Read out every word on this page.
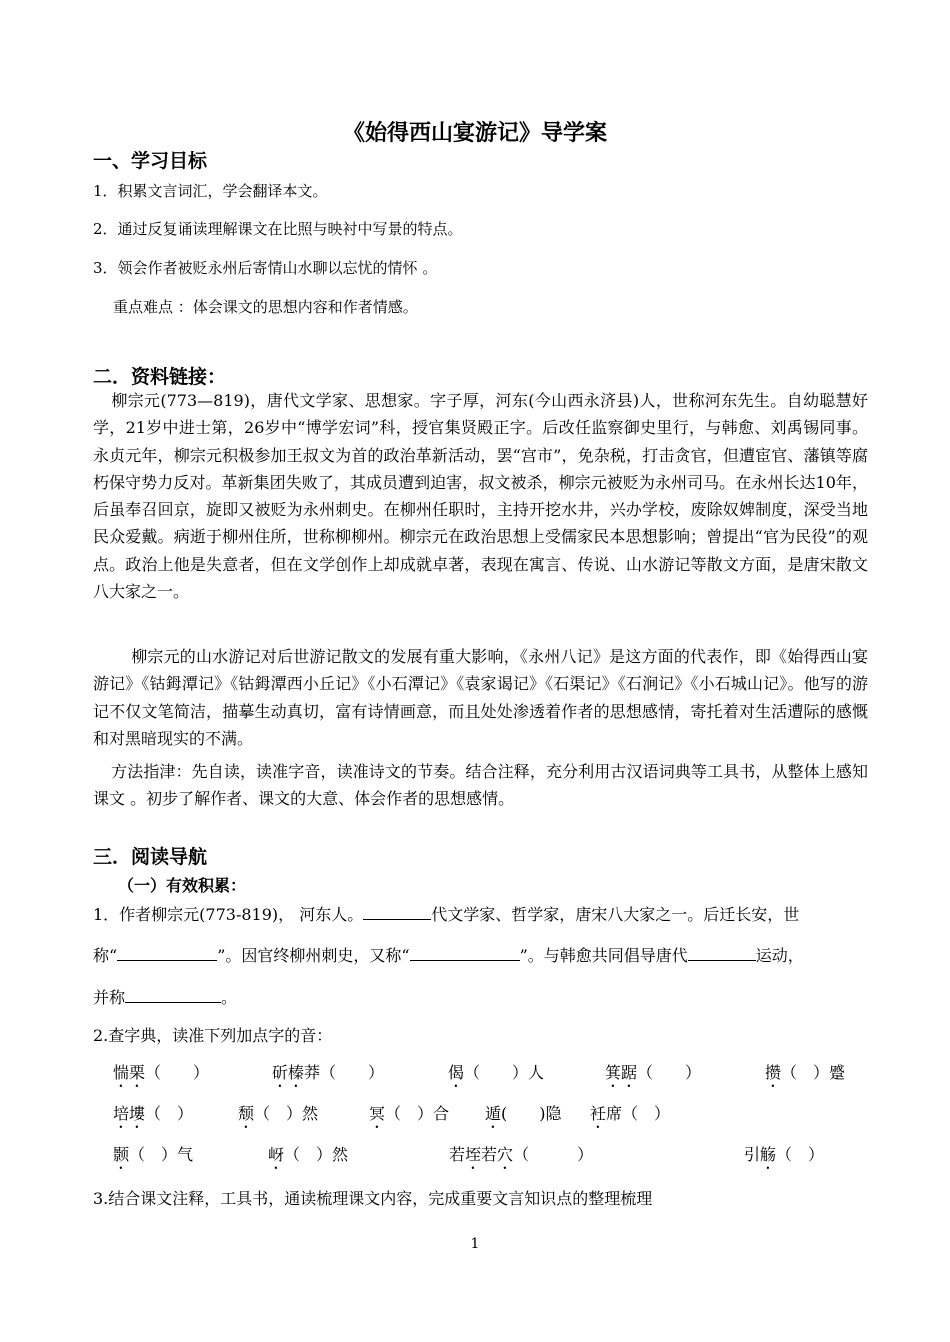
《始得西山宴游记》导学案
一、学习目标
1．积累文言词汇，学会翻译本文。
2．通过反复诵读理解课文在比照与映衬中写景的特点。
3．领会作者被贬永州后寄情山水聊以忘忧的情怀 。
重点难点 ：体会课文的思想内容和作者情感。
二．资料链接：
柳宗元(773—819)，唐代文学家、思想家。字子厚，河东(今山西永济县)人，世称河东先生。自幼聪慧好学，21岁中进士第，26岁中“博学宏词”科，授官集贤殿正字。后改任监察御史里行，与韩愈、刘禹锡同事。永贞元年，柳宗元积极参加王叔文为首的政治革新活动，罢“宫市”，免杂税，打击贪官，但遭宦官、藩镇等腐朽保守势力反对。革新集团失败了，其成员遭到迫害，叔文被杀，柳宗元被贬为永州司马。在永州长达10年，后虽奉召回京，旋即又被贬为永州刺史。在柳州任职时，主持开挖水井，兴办学校，废除奴婢制度，深受当地民众爱戴。病逝于柳州住所，世称柳柳州。柳宗元在政治思想上受儒家民本思想影响；曾提出“官为民役”的观点。政治上他是失意者，但在文学创作上却成就卓著，表现在寓言、传说、山水游记等散文方面，是唐宋散文八大家之一。
柳宗元的山水游记对后世游记散文的发展有重大影响，《永州八记》是这方面的代表作，即《始得西山宴游记》《钴鉧潭记》《钴鉧潭西小丘记》《小石潭记》《袁家谒记》《石渠记》《石涧记》《小石城山记》。他写的游记不仅文笔简洁，描摹生动真切，富有诗情画意，而且处处渗透着作者的思想感情，寄托着对生活遭际的感慨和对黑暗现实的不满。
方法指津：先自读，读准字音，读准诗文的节奏。结合注释，充分利用古汉语词典等工具书，从整体上感知课文 。初步了解作者、课文的大意、体会作者的思想感情。
三．阅读导航
（一）有效积累：
1．作者柳宗元(773-819)， 河东人。	代文学家、哲学家，唐宋八大家之一。后迁长安，世
称“	”。因官终柳州刺史，又称“	”。与韩愈共同倡导唐代	运动，
并称	。
2.查字典，读准下列加点字的音：
惴栗（　　）	斫榛莽（　　）	偈（　　）人	箕踞（　　）	攒（　）蹙
培塿（　）	颓（　）然	冥（　）合 遁(　　)隐 衽席（　）
颢（　）气	岈（　）然	若垤若穴（　　　）	引觞（　）
3.结合课文注释，工具书，通读梳理课文内容，完成重要文言知识点的整理梳理
1
